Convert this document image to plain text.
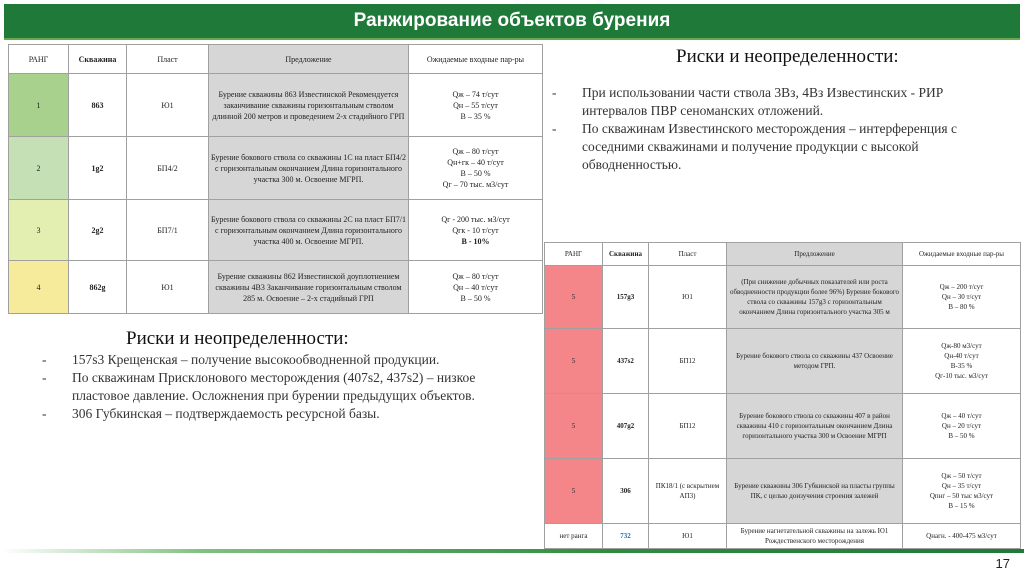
Ранжирование объектов бурения
РАНГ	Скважина	Пласт	Предложение	Ожидаемые входные пар-ры
1	863	Ю1	Бурение скважины 863 Известинской Рекомендуется заканчивание скважины горизонтальным стволом длинной 200 метров и проведением 2-х стадийного ГРП	Qж – 74 т/сут
Qн – 55 т/сут
В – 35 %

2	1g2	БП4/2	Бурение бокового ствола со скважины 1С на пласт БП4/2 с горизонтальным окончанием Длина горизонтального участка 300 м. Освоение МГРП.	Qж – 80 т/сут
Qн+гк – 40 т/сут
В – 50 %
Qг – 70 тыс. м3/сут

3	2g2	БП7/1	Бурение бокового ствола со скважины 2С на пласт БП7/1 с горизонтальным окончанием Длина горизонтального участка 400 м. Освоение МГРП.	Qг - 200 тыс. м3/сут
Qгк - 10 т/сут
В - 10%

4	862g	Ю1	Бурение скважины 862 Известинской доуплотнением скважины 4В3 Заканчивание горизонтальным стволом 285 м. Освоение – 2-х стадийный ГРП	Qж – 80 т/сут
Qн – 40 т/сут
В – 50 %
Риски и неопределенности:
- 157s3 Крещенская – получение высокообводненной продукции.
- По скважинам Присклонового месторождения (407s2, 437s2) – низкое пластовое давление. Осложнения при бурении предыдущих объектов.
- 306 Губкинская – подтверждаемость ресурсной базы.
Риски и неопределенности:
- При использовании части ствола 3Вз, 4Вз Известинских - РИР интервалов ПВР сеноманских отложений.
- По скважинам Известинского месторождения – интерференция с соседними скважинами и получение продукции с высокой обводненностью.
РАНГ	Скважина	Пласт	Предложение	Ожидаемые входные пар-ры
5	157g3	Ю1	(При снижение добычных показателей или роста обводненности продукции более 96%) Бурение бокового ствола со скважины 157g3 с горизонтальным окончанием Длина горизонтального участка 305 м	Qж – 200 т/сут
Qн – 30 т/сут
В – 80 %

5	437s2	БП12	Бурение бокового ствола со скважины 437 Освоение методом ГРП.	Qж-80 м3/сут
Qн-40 т/сут
В-35 %
Qг-10 тыс. м3/сут

5	407g2	БП12	Бурение бокового ствола со скважины 407 в район скважины 410 с горизонтальным окончанием Длина горизонтального участка 300 м Освоение МГРП	Qж – 40 т/сут
Qн – 20 т/сут
В – 50 %

5	306	ПК18/1 (с вскрытием АП3)	Бурение скважины 306 Губкинской на пласты группы ПК, с целью доизучения строения залежей	Qж – 50 т/сут
Qн – 35 т/сут
Qпнг – 50 тыс м3/сут
В – 15 %

нет ранга	732	Ю1	Бурение нагнетательной скважины на залежь Ю1 Рождественского месторождения	Qнагн. - 400-475 м3/сут
17
